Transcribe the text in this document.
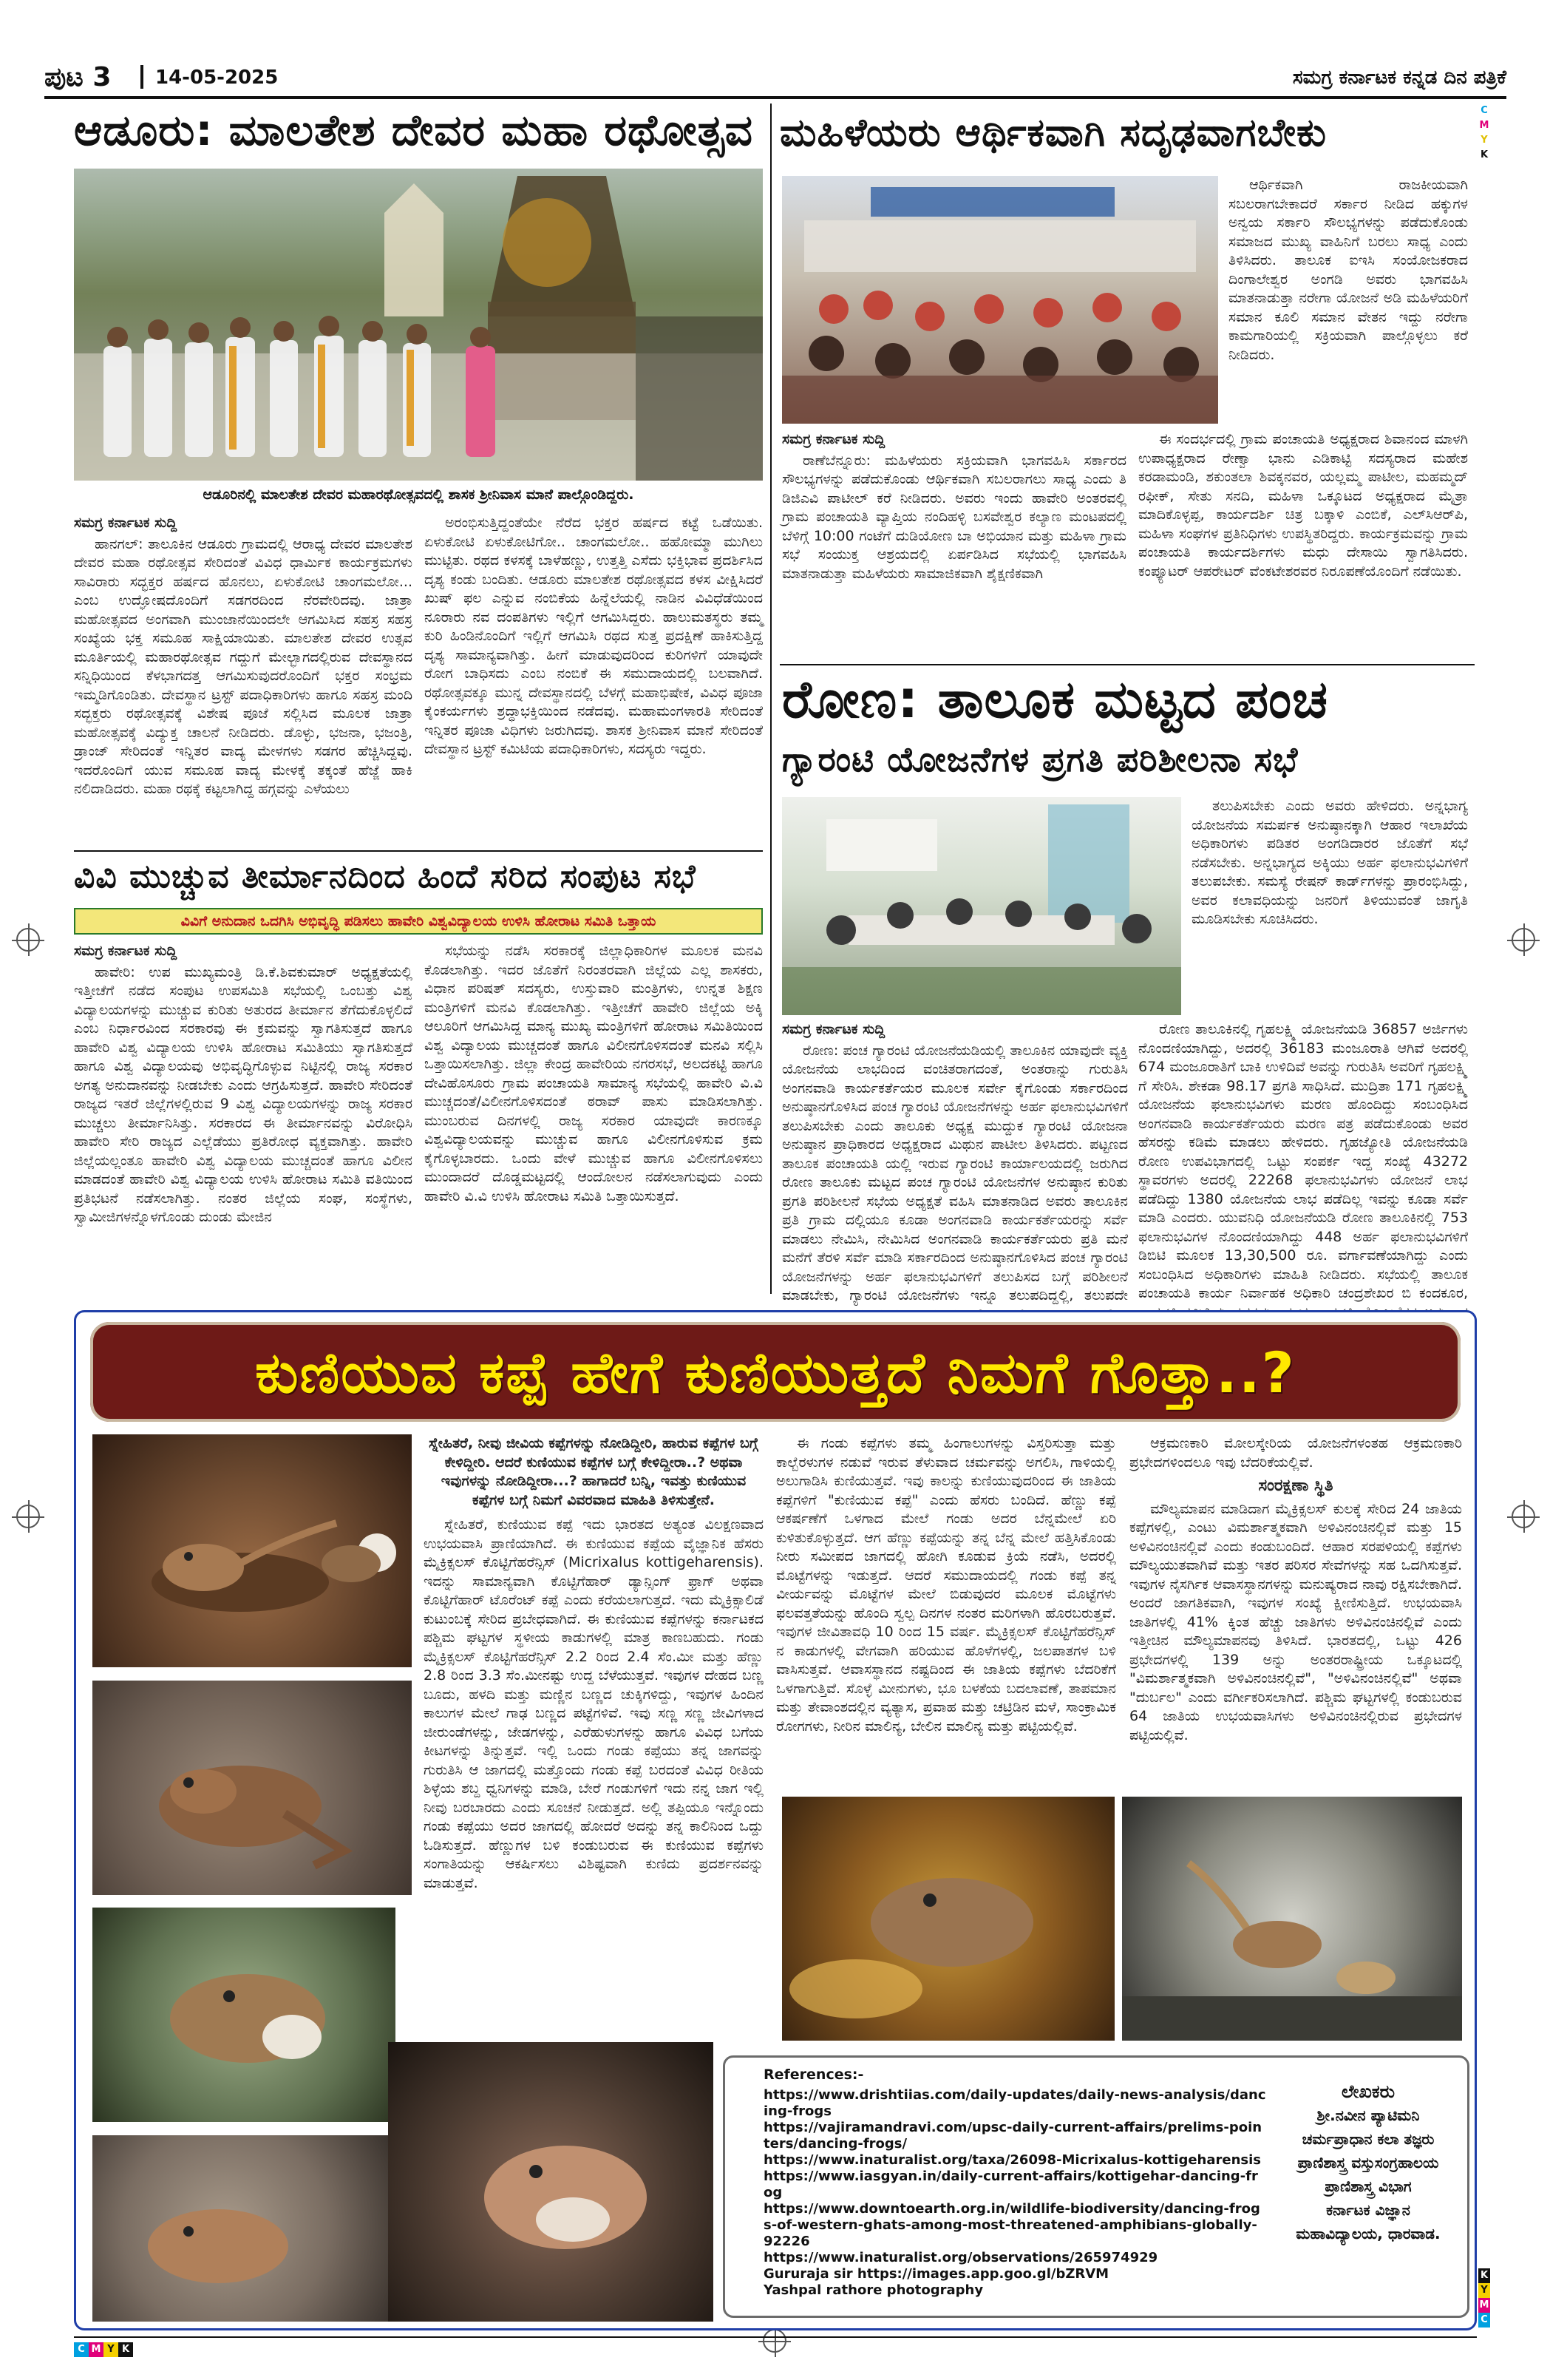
ಪುಟ 3 14-05-2025	ಸಮಗ್ರ ಕರ್ನಾಟಕ ಕನ್ನಡ ದಿನ ಪತ್ರಿಕೆ
C
M
Y
K
K
Y
M
C
C M Y K
ಆಡೂರು: ಮಾಲತೇಶ ದೇವರ ಮಹಾ ರಥೋತ್ಸವ
ಆಡೂರಿನಲ್ಲಿ ಮಾಲತೇಶ ದೇವರ ಮಹಾರಥೋತ್ಸವದಲ್ಲಿ ಶಾಸಕ ಶ್ರೀನಿವಾಸ ಮಾನೆ ಪಾಲ್ಗೊಂಡಿದ್ದರು.
ಸಮಗ್ರ ಕರ್ನಾಟಕ ಸುದ್ದಿ

ಹಾನಗಲ್: ತಾಲೂಕಿನ ಆಡೂರು ಗ್ರಾಮದಲ್ಲಿ ಆರಾಧ್ಯ ದೇವರ ಮಾಲತೇಶ ದೇವರ ಮಹಾ ರಥೋತ್ಸವ ಸೇರಿದಂತೆ ವಿವಿಧ ಧಾರ್ಮಿಕ ಕಾರ್ಯಕ್ರಮಗಳು ಸಾವಿರಾರು ಸದ್ಭಕ್ತರ ಹರ್ಷದ ಹೊನಲು, ಏಳುಕೋಟಿ ಚಾಂಗಮಲೋ... ಎಂಬ ಉದ್ಘೋಷದೊಂದಿಗೆ ಸಡಗರದಿಂದ ನೆರವೇರಿದವು. ಜಾತ್ರಾ ಮಹೋತ್ಸವದ ಅಂಗವಾಗಿ ಮುಂಜಾನೆಯಿಂದಲೇ ಆಗಮಿಸಿದ ಸಹಸ್ರ ಸಹಸ್ರ ಸಂಖ್ಯೆಯ ಭಕ್ತ ಸಮೂಹ ಸಾಕ್ಷಿಯಾಯಿತು. ಮಾಲತೇಶ ದೇವರ ಉತ್ಸವ ಮೂರ್ತಿಯಲ್ಲಿ ಮಹಾರಥೋತ್ಸವ ಗದ್ದುಗೆ ಮೇಲ್ಭಾಗದಲ್ಲಿರುವ ದೇವಸ್ಥಾನದ ಸನ್ನಿಧಿಯಿಂದ ಕೆಳಭಾಗದತ್ತ ಆಗಮಿಸುವುದರೊಂದಿಗೆ ಭಕ್ತರ ಸಂಭ್ರಮ ಇಮ್ಮಡಿಗೊಂಡಿತು. ದೇವಸ್ಥಾನ ಟ್ರಸ್ಟ್ ಪದಾಧಿಕಾರಿಗಳು ಹಾಗೂ ಸಹಸ್ರ ಮಂದಿ ಸದ್ಭಕ್ತರು ರಥೋತ್ಸವಕ್ಕೆ ವಿಶೇಷ ಪೂಜೆ ಸಲ್ಲಿಸಿದ ಮೂಲಕ ಜಾತ್ರಾ ಮಹೋತ್ಸವಕ್ಕೆ ವಿದ್ಯುಕ್ತ ಚಾಲನೆ ನೀಡಿದರು. ಡೊಳ್ಳು, ಭಜನಾ, ಭಜಂತ್ರಿ, ಡ್ರಾಂಜ್ ಸೇರಿದಂತೆ ಇನ್ನಿತರ ವಾದ್ಯ ಮೇಳಗಳು ಸಡಗರ ಹೆಚ್ಚಿಸಿದ್ದವು. ಇದರೊಂದಿಗೆ ಯುವ ಸಮೂಹ ವಾದ್ಯ ಮೇಳಕ್ಕೆ ತಕ್ಕಂತೆ ಹೆಜ್ಜೆ ಹಾಕಿ ನಲಿದಾಡಿದರು. ಮಹಾ ರಥಕ್ಕೆ ಕಟ್ಟಲಾಗಿದ್ದ ಹಗ್ಗವನ್ನು ಎಳೆಯಲು

ಅರಂಭಿಸುತ್ತಿದ್ದಂತೆಯೇ ನೆರೆದ ಭಕ್ತರ ಹರ್ಷದ ಕಟ್ಟೆ ಒಡೆಯಿತು. ಏಳುಕೋಟಿ ಏಳುಕೋಟಿಗೋ.. ಚಾಂಗಮಲೋ.. ಹಹೋಮ್ಮಾ ಮುಗಿಲು ಮುಟ್ಟಿತು. ರಥದ ಕಳಸಕ್ಕೆ ಬಾಳೆಹಣ್ಣು, ಉತ್ತತ್ತಿ ಎಸೆದು ಭಕ್ತಿಭಾವ ಪ್ರದರ್ಶಿಸಿದ ದೃಶ್ಯ ಕಂಡು ಬಂದಿತು. ಆಡೂರು ಮಾಲತೇಶ ರಥೋತ್ಸವದ ಕಳಸ ವೀಕ್ಷಿಸಿದರೆ ಖುಷ್ ಫಲ ಎನ್ನುವ ನಂಬಿಕೆಯ ಹಿನ್ನೆಲೆಯಲ್ಲಿ ನಾಡಿನ ವಿವಿಧೆಡೆಯಿಂದ ನೂರಾರು ನವ ದಂಪತಿಗಳು ಇಲ್ಲಿಗೆ ಆಗಮಿಸಿದ್ದರು. ಹಾಲುಮತಸ್ಥರು ತಮ್ಮ ಕುರಿ ಹಿಂಡಿನೊಂದಿಗೆ ಇಲ್ಲಿಗೆ ಆಗಮಿಸಿ ರಥದ ಸುತ್ತ ಪ್ರದಕ್ಷಿಣೆ ಹಾಕಿಸುತ್ತಿದ್ದ ದೃಶ್ಯ ಸಾಮಾನ್ಯವಾಗಿತ್ತು. ಹೀಗೆ ಮಾಡುವುದರಿಂದ ಕುರಿಗಳಿಗೆ ಯಾವುದೇ ರೋಗ ಬಾಧಿಸದು ಎಂಬ ನಂಬಿಕೆ ಈ ಸಮುದಾಯದಲ್ಲಿ ಬಲವಾಗಿದೆ. ರಥೋತ್ಸವಕ್ಕೂ ಮುನ್ನ ದೇವಸ್ಥಾನದಲ್ಲಿ ಬೆಳಗ್ಗೆ ಮಹಾಭಿಷೇಕ, ವಿವಿಧ ಪೂಜಾ ಕೈಂಕರ್ಯಗಳು ಶ್ರದ್ಧಾಭಕ್ತಿಯಿಂದ ನಡೆದವು. ಮಹಾಮಂಗಳಾರತಿ ಸೇರಿದಂತೆ ಇನ್ನಿತರ ಪೂಜಾ ವಿಧಿಗಳು ಜರುಗಿದವು. ಶಾಸಕ ಶ್ರೀನಿವಾಸ ಮಾನೆ ಸೇರಿದಂತೆ ದೇವಸ್ಥಾನ ಟ್ರಸ್ಟ್ ಕಮಿಟಿಯ ಪದಾಧಿಕಾರಿಗಳು, ಸದಸ್ಯರು ಇದ್ದರು.

ವಿವಿ ಮುಚ್ಚುವ ತೀರ್ಮಾನದಿಂದ ಹಿಂದೆ ಸರಿದ ಸಂಪುಟ ಸಭೆ
ವಿವಿಗೆ ಅನುದಾನ ಒದಗಿಸಿ ಅಭಿವೃದ್ಧಿ ಪಡಿಸಲು ಹಾವೇರಿ ವಿಶ್ವವಿದ್ಯಾಲಯ ಉಳಿಸಿ ಹೋರಾಟ ಸಮಿತಿ ಒತ್ತಾಯ
ಸಮಗ್ರ ಕರ್ನಾಟಕ ಸುದ್ದಿ

ಹಾವೇರಿ: ಉಪ ಮುಖ್ಯಮಂತ್ರಿ ಡಿ.ಕೆ.ಶಿವಕುಮಾರ್ ಅಧ್ಯಕ್ಷತೆಯಲ್ಲಿ ಇತ್ತೀಚೆಗೆ ನಡೆದ ಸಂಪುಟ ಉಪಸಮಿತಿ ಸಭೆಯಲ್ಲಿ ಒಂಬತ್ತು ವಿಶ್ವ ವಿದ್ಯಾಲಯಗಳನ್ನು ಮುಚ್ಚುವ ಕುರಿತು ಅತುರದ ತೀರ್ಮಾನ ತೆಗೆದುಕೊಳ್ಳಲಿದೆ ಎಂಬ ನಿರ್ಧಾರವಿಂದ ಸರಕಾರವು ಈ ಕ್ರಮವನ್ನು ಸ್ವಾಗತಿಸುತ್ತದೆ ಹಾಗೂ ಹಾವೇರಿ ವಿಶ್ವ ವಿದ್ಯಾಲಯ ಉಳಿಸಿ ಹೋರಾಟ ಸಮಿತಿಯು ಸ್ವಾಗತಿಸುತ್ತದೆ ಹಾಗೂ ವಿಶ್ವ ವಿದ್ಯಾಲಯವು ಅಭಿವೃದ್ಧಿಗೊಳ್ಳುವ ನಿಟ್ಟಿನಲ್ಲಿ ರಾಜ್ಯ ಸರಕಾರ ಅಗತ್ಯ ಅನುದಾನವನ್ನು ನೀಡಬೇಕು ಎಂದು ಆಗ್ರಹಿಸುತ್ತದೆ. ಹಾವೇರಿ ಸೇರಿದಂತೆ ರಾಜ್ಯದ ಇತರೆ ಜಿಲ್ಲೆಗಳಲ್ಲಿರುವ 9 ವಿಶ್ವ ವಿದ್ಯಾಲಯಗಳನ್ನು ರಾಜ್ಯ ಸರಕಾರ ಮುಚ್ಚಲು ತೀರ್ಮಾನಿಸಿತ್ತು. ಸರಕಾರದ ಈ ತೀರ್ಮಾನವನ್ನು ವಿರೋಧಿಸಿ ಹಾವೇರಿ ಸೇರಿ ರಾಜ್ಯದ ಎಲ್ಲೆಡೆಯು ಪ್ರತಿರೋಧ ವ್ಯಕ್ತವಾಗಿತ್ತು. ಹಾವೇರಿ ಜಿಲ್ಲೆಯಲ್ಲಂತೂ ಹಾವೇರಿ ವಿಶ್ವ ವಿದ್ಯಾಲಯ ಮುಚ್ಚದಂತೆ ಹಾಗೂ ವಿಲೀನ ಮಾಡದಂತೆ ಹಾವೇರಿ ವಿಶ್ವ ವಿದ್ಯಾಲಯ ಉಳಿಸಿ ಹೋರಾಟ ಸಮಿತಿ ವತಿಯಿಂದ ಪ್ರತಿಭಟನೆ ನಡೆಸಲಾಗಿತ್ತು. ನಂತರ ಜಿಲ್ಲೆಯ ಸಂಘ, ಸಂಸ್ಥೆಗಳು, ಸ್ವಾಮೀಜಿಗಳನ್ನೊಳಗೊಂಡು ದುಂಡು ಮೇಜಿನ

ಸಭೆಯನ್ನು ನಡೆಸಿ ಸರಕಾರಕ್ಕೆ ಜಿಲ್ಲಾಧಿಕಾರಿಗಳ ಮೂಲಕ ಮನವಿ ಕೊಡಲಾಗಿತ್ತು. ಇದರ ಜೊತೆಗೆ ನಿರಂತರವಾಗಿ ಜಿಲ್ಲೆಯ ಎಲ್ಲ ಶಾಸಕರು, ವಿಧಾನ ಪರಿಷತ್ ಸದಸ್ಯರು, ಉಸ್ತುವಾರಿ ಮಂತ್ರಿಗಳು, ಉನ್ನತ ಶಿಕ್ಷಣ ಮಂತ್ರಿಗಳಿಗೆ ಮನವಿ ಕೊಡಲಾಗಿತ್ತು. ಇತ್ತೀಚೆಗೆ ಹಾವೇರಿ ಜಿಲ್ಲೆಯ ಅಕ್ಕಿ ಆಲೂರಿಗೆ ಆಗಮಿಸಿದ್ದ ಮಾನ್ಯ ಮುಖ್ಯ ಮಂತ್ರಿಗಳಿಗೆ ಹೋರಾಟ ಸಮಿತಿಯಿಂದ ವಿಶ್ವ ವಿದ್ಯಾಲಯ ಮುಚ್ಚದಂತೆ ಹಾಗೂ ವಿಲೀನಗೊಳಿಸದಂತೆ ಮನವಿ ಸಲ್ಲಿಸಿ ಒತ್ತಾಯಿಸಲಾಗಿತ್ತು. ಜಿಲ್ಲಾ ಕೇಂದ್ರ ಹಾವೇರಿಯ ನಗರಸಭೆ, ಅಲದಕಟ್ಟಿ ಹಾಗೂ ದೇವಿಹೊಸೂರು ಗ್ರಾಮ ಪಂಚಾಯತಿ ಸಾಮಾನ್ಯ ಸಭೆಯಲ್ಲಿ ಹಾವೇರಿ ವಿ.ವಿ ಮುಚ್ಚದಂತೆ/ವಿಲೀನಗೊಳಿಸದಂತೆ ಠರಾವ್ ಪಾಸು ಮಾಡಿಸಲಾಗಿತ್ತು. ಮುಂಬರುವ ದಿನಗಳಲ್ಲಿ ರಾಜ್ಯ ಸರಕಾರ ಯಾವುದೇ ಕಾರಣಕ್ಕೂ ವಿಶ್ವವಿದ್ಯಾಲಯವನ್ನು ಮುಚ್ಚುವ ಹಾಗೂ ವಿಲೀನಗೊಳಿಸುವ ಕ್ರಮ ಕೈಗೊಳ್ಳಬಾರದು. ಒಂದು ವೇಳೆ ಮುಚ್ಚುವ ಹಾಗೂ ವಿಲೀನಗೊಳಿಸಲು ಮುಂದಾದರೆ ದೊಡ್ಡಮಟ್ಟದಲ್ಲಿ ಆಂದೋಲನ ನಡೆಸಲಾಗುವುದು ಎಂದು ಹಾವೇರಿ ವಿ.ವಿ ಉಳಿಸಿ ಹೋರಾಟ ಸಮಿತಿ ಒತ್ತಾಯಿಸುತ್ತದೆ.

ಮಹಿಳೆಯರು ಆರ್ಥಿಕವಾಗಿ ಸದೃಢವಾಗಬೇಕು

ಆರ್ಥಿಕವಾಗಿ ರಾಜಕೀಯವಾಗಿ ಸಬಲರಾಗಬೇಕಾದರೆ ಸರ್ಕಾರ ನೀಡಿದ ಹಕ್ಕುಗಳ ಅನ್ವಯ ಸರ್ಕಾರಿ ಸೌಲಭ್ಯಗಳನ್ನು ಪಡೆದುಕೊಂಡು ಸಮಾಜದ ಮುಖ್ಯ ವಾಹಿನಿಗೆ ಬರಲು ಸಾಧ್ಯ ಎಂದು ತಿಳಿಸಿದರು. ತಾಲೂಕ ಐಇಸಿ ಸಂಯೋಜಕರಾದ ದಿಂಗಾಲೇಶ್ವರ ಅಂಗಡಿ ಅವರು ಭಾಗವಹಿಸಿ ಮಾತನಾಡುತ್ತಾ ನರೇಗಾ ಯೋಜನೆ ಅಡಿ ಮಹಿಳೆಯರಿಗೆ ಸಮಾನ ಕೂಲಿ ಸಮಾನ ವೇತನ ಇದ್ದು ನರೇಗಾ ಕಾಮಗಾರಿಯಲ್ಲಿ ಸಕ್ರಿಯವಾಗಿ ಪಾಲ್ಗೊಳ್ಳಲು ಕರೆ ನೀಡಿದರು.

ಸಮಗ್ರ ಕರ್ನಾಟಕ ಸುದ್ದಿ

ರಾಣೆಬೆನ್ನೂರು: ಮಹಿಳೆಯರು ಸಕ್ರಿಯವಾಗಿ ಭಾಗವಹಿಸಿ ಸರ್ಕಾರದ ಸೌಲಭ್ಯಗಳನ್ನು ಪಡೆದುಕೊಂಡು ಆರ್ಥಿಕವಾಗಿ ಸಬಲರಾಗಲು ಸಾಧ್ಯ ಎಂದು ತಿ ಡಿಜಿಎವಿ ಪಾಟೀಲ್ ಕರೆ ನೀಡಿದರು. ಅವರು ಇಂದು ಹಾವೇರಿ ಅಂತರವಲ್ಲಿ ಗ್ರಾಮ ಪಂಚಾಯತಿ ವ್ಯಾಪ್ತಿಯ ನಂದಿಹಳ್ಳಿ ಬಸವೇಶ್ವರ ಕಲ್ಯಾಣ ಮಂಟಪದಲ್ಲಿ ಬೆಳಿಗ್ಗೆ 10:00 ಗಂಟೆಗೆ ದುಡಿಯೋಣ ಬಾ ಅಭಿಯಾನ ಮತ್ತು ಮಹಿಳಾ ಗ್ರಾಮ ಸಭೆ ಸಂಯುಕ್ತ ಆಶ್ರಯದಲ್ಲಿ ಏರ್ಪಡಿಸಿದ ಸಭೆಯಲ್ಲಿ ಭಾಗವಹಿಸಿ ಮಾತನಾಡುತ್ತಾ ಮಹಿಳೆಯರು ಸಾಮಾಜಿಕವಾಗಿ ಶೈಕ್ಷಣಿಕವಾಗಿ

ಈ ಸಂದರ್ಭದಲ್ಲಿ ಗ್ರಾಮ ಪಂಚಾಯತಿ ಅಧ್ಯಕ್ಷರಾದ ಶಿವಾನಂದ ಮಾಳಗಿ ಉಪಾಧ್ಯಕ್ಷರಾದ ರೇಣ್ವಾ ಭಾನು ಎಡಿಕಾಟ್ಟಿ ಸದಸ್ಯರಾದ ಮಹೇಶ ಕರಡಾಮಂಡಿ, ಶಕುಂತಲಾ ಶಿವಕ್ಕನವರ, ಯಲ್ಲಮ್ಮ ಪಾಟೀಲ, ಮಹಮ್ಮದ್ ರಫೀಕ್, ಸೇತು ಸನದಿ, ಮಹಿಳಾ ಒಕ್ಕೂಟದ ಅಧ್ಯಕ್ಷರಾದ ಮೈತ್ರಾ ಮಾದಿಕೊಳ್ಳಪ್ಪ, ಕಾರ್ಯದರ್ಶಿ ಚಿತ್ರ ಬಕ್ಕಾಳಿ ಎಂಬಿಕೆ, ಎಲ್‌ಸಿಆರ್‌ಪಿ, ಮಹಿಳಾ ಸಂಘಗಳ ಪ್ರತಿನಿಧಿಗಳು ಉಪಸ್ಥಿತರಿದ್ದರು. ಕಾರ್ಯಕ್ರಮವನ್ನು ಗ್ರಾಮ ಪಂಚಾಯತಿ ಕಾರ್ಯದರ್ಶಿಗಳು ಮಧು ದೇಸಾಯಿ ಸ್ವಾಗತಿಸಿದರು. ಕಂಪ್ಯೂಟರ್ ಆಪರೇಟರ್ ವೆಂಕಟೇಶರವರ ನಿರೂಪಣೆಯೊಂದಿಗೆ ನಡೆಯಿತು.

ರೋಣ: ತಾಲೂಕ ಮಟ್ಟದ ಪಂಚ
ಗ್ಯಾರಂಟಿ ಯೋಜನೆಗಳ ಪ್ರಗತಿ ಪರಿಶೀಲನಾ ಸಭೆ

ತಲುಪಿಸಬೇಕು ಎಂದು ಅವರು ಹೇಳಿದರು. ಅನ್ನಭಾಗ್ಯ ಯೋಜನೆಯ ಸಮರ್ಪಕ ಅನುಷ್ಠಾನಕ್ಕಾಗಿ ಆಹಾರ ಇಲಾಖೆಯ ಅಧಿಕಾರಿಗಳು ಪಡಿತರ ಅಂಗಡಿದಾರರ ಜೊತೆಗೆ ಸಭೆ ನಡೆಸಬೇಕು. ಅನ್ನಭಾಗ್ಯದ ಅಕ್ಕಿಯು ಅರ್ಹ ಫಲಾನುಭವಿಗಳಿಗೆ ತಲುಪಬೇಕು. ಸಮಸ್ಯೆ ರೇಷನ್ ಕಾರ್ಡ್‌ಗಳನ್ನು ಪ್ರಾರಂಭಿಸಿದ್ದು, ಅವರ ಕಲಾವಧಿಯನ್ನು ಜನರಿಗೆ ತಿಳಿಯುವಂತೆ ಜಾಗೃತಿ ಮೂಡಿಸಬೇಕು ಸೂಚಿಸಿದರು.

ಸಮಗ್ರ ಕರ್ನಾಟಕ ಸುದ್ದಿ

ರೋಣ: ಪಂಚ ಗ್ಯಾರಂಟಿ ಯೋಜನೆಯಡಿಯಲ್ಲಿ ತಾಲೂಕಿನ ಯಾವುದೇ ವ್ಯಕ್ತಿ ಯೋಜನೆಯ ಲಾಭದಿಂದ ವಂಚಿತರಾಗದಂತೆ, ಅಂತರಾನ್ನು ಗುರುತಿಸಿ ಅಂಗನವಾಡಿ ಕಾರ್ಯಕರ್ತೆಯರ ಮೂಲಕ ಸರ್ವೇ ಕೈಗೊಂಡು ಸರ್ಕಾರದಿಂದ ಅನುಷ್ಠಾನಗೊಳಿಸಿದ ಪಂಚ ಗ್ಯಾರಂಟಿ ಯೋಜನೆಗಳನ್ನು ಅರ್ಹ ಫಲಾನುಭವಿಗಳಿಗೆ ತಲುಪಿಸಬೇಕು ಎಂದು ತಾಲೂಕು ಅಧ್ಯಕ್ಷ ಮುದ್ದುಕ ಗ್ಯಾರಂಟಿ ಯೋಜನಾ ಅನುಷ್ಠಾನ ಪ್ರಾಧಿಕಾರದ ಅಧ್ಯಕ್ಷರಾದ ಮಿಥುನ ಪಾಟೀಲ ತಿಳಿಸಿದರು. ಪಟ್ಟಣದ ತಾಲೂಕ ಪಂಚಾಯತಿ ಯಲ್ಲಿ ಇರುವ ಗ್ಯಾರಂಟಿ ಕಾರ್ಯಾಲಯದಲ್ಲಿ ಜರುಗಿದ ರೋಣ ತಾಲೂಕು ಮಟ್ಟದ ಪಂಚ ಗ್ಯಾರಂಟಿ ಯೋಜನೆಗಳ ಅನುಷ್ಠಾನ ಕುರಿತು ಪ್ರಗತಿ ಪರಿಶೀಲನೆ ಸಭೆಯ ಅಧ್ಯಕ್ಷತೆ ವಹಿಸಿ ಮಾತನಾಡಿದ ಅವರು ತಾಲೂಕಿನ ಪ್ರತಿ ಗ್ರಾಮ ದಲ್ಲಿಯೂ ಕೂಡಾ ಅಂಗನವಾಡಿ ಕಾರ್ಯಕರ್ತೆಯರನ್ನು ಸರ್ವೆ ಮಾಡಲು ನೇಮಿಸಿ, ನೇಮಿಸಿದ ಅಂಗನವಾಡಿ ಕಾರ್ಯಕರ್ತೆಯರು ಪ್ರತಿ ಮನೆ ಮನೆಗೆ ತೆರಳಿ ಸರ್ವೆ ಮಾಡಿ ಸರ್ಕಾರದಿಂದ ಅನುಷ್ಠಾನಗೊಳಿಸಿದ ಪಂಚ ಗ್ಯಾರಂಟಿ ಯೋಜನೆಗಳನ್ನು ಅರ್ಹ ಫಲಾನುಭವಿಗಳಿಗೆ ತಲುಪಿಸದ ಬಗ್ಗೆ ಪರಿಶೀಲನೆ ಮಾಡಬೇಕು, ಗ್ಯಾರಂಟಿ ಯೋಜನೆಗಳು ಇನ್ನೂ ತಲುಪದಿದ್ದಲ್ಲಿ, ತಲುಪದೇ

ರೋಣ ತಾಲೂಕಿನಲ್ಲಿ ಗೃಹಲಕ್ಷ್ಮಿ ಯೋಜನೆಯಡಿ 36857 ಅರ್ಜಿಗಳು ನೊಂದಣಿಯಾಗಿದ್ದು, ಅದರಲ್ಲಿ 36183 ಮಂಜೂರಾತಿ ಆಗಿವೆ ಅದರಲ್ಲಿ 674 ಮಂಜೂರಾತಿಗೆ ಬಾಕಿ ಉಳಿದಿವೆ ಅವನ್ನು ಗುರುತಿಸಿ ಅವರಿಗೆ ಗೃಹಲಕ್ಷ್ಮಿ ಗೆ ಸೇರಿಸಿ. ಶೇಕಡಾ 98.17 ಪ್ರಗತಿ ಸಾಧಿಸಿದೆ. ಮುದ್ರಿತಾ 171 ಗೃಹಲಕ್ಷ್ಮಿ ಯೋಜನೆಯ ಫಲಾನುಭವಿಗಳು ಮರಣ ಹೊಂದಿದ್ದು ಸಂಬಂಧಿಸಿದ ಅಂಗನವಾಡಿ ಕಾರ್ಯಕರ್ತೆಯರು ಮರಣ ಪತ್ರ ಪಡೆದುಕೊಂಡು ಅವರ ಹೆಸರನ್ನು ಕಡಿಮೆ ಮಾಡಲು ಹೇಳಿದರು. ಗೃಹಜ್ಯೋತಿ ಯೋಜನೆಯಡಿ ರೋಣ ಉಪವಿಭಾಗದಲ್ಲಿ ಒಟ್ಟು ಸಂಪರ್ಕ ಇದ್ದ ಸಂಖ್ಯೆ 43272 ಸ್ಥಾವರಗಳು ಅದರಲ್ಲಿ 22268 ಫಲಾನುಭವಿಗಳು ಯೋಜನೆ ಲಾಭ ಪಡೆದಿದ್ದು 1380 ಯೋಜನೆಯ ಲಾಭ ಪಡೆದಿಲ್ಲ ಇವನ್ನು ಕೂಡಾ ಸರ್ವೆ ಮಾಡಿ ಎಂದರು. ಯುವನಿಧಿ ಯೋಜನೆಯಡಿ ರೋಣ ತಾಲೂಕಿನಲ್ಲಿ 753 ಫಲಾನುಭವಿಗಳ ನೊಂದಣಿಯಾಗಿದ್ದು 448 ಅರ್ಹ ಫಲಾನುಭವಿಗಳಿಗೆ ಡಿಬಿಟಿ ಮೂಲಕ 13,30,500 ರೂ. ವರ್ಗಾವಣೆಯಾಗಿದ್ದು ಎಂದು ಸಂಬಂಧಿಸಿದ ಅಧಿಕಾರಿಗಳು ಮಾಹಿತಿ ನೀಡಿದರು. ಸಭೆಯಲ್ಲಿ ತಾಲೂಕ ಪಂಚಾಯತಿ ಕಾರ್ಯ ನಿರ್ವಾಹಕ ಅಧಿಕಾರಿ ಚಂದ್ರಶೇಖರ ಬಿ ಕಂದಕೂರ,

ಕುಣಿಯುವ ಕಪ್ಪೆ ಹೇಗೆ ಕುಣಿಯುತ್ತದೆ ನಿಮಗೆ ಗೊತ್ತಾ..?

ಸ್ನೇಹಿತರೆ, ನೀವು ಜೀವಿಯ ಕಪ್ಪೆಗಳನ್ನು ನೋಡಿದ್ದೀರಿ, ಹಾರುವ ಕಪ್ಪೆಗಳ ಬಗ್ಗೆ ಕೇಳಿದ್ದೀರಿ. ಆದರೆ ಕುಣಿಯುವ ಕಪ್ಪೆಗಳ ಬಗ್ಗೆ ಕೇಳಿದ್ದೀರಾ..? ಅಥವಾ ಇವುಗಳನ್ನು ನೋಡಿದ್ದೀರಾ...? ಹಾಗಾದರೆ ಬನ್ನಿ, ಇವತ್ತು ಕುಣಿಯುವ ಕಪ್ಪೆಗಳ ಬಗ್ಗೆ ನಿಮಗೆ ವಿವರವಾದ ಮಾಹಿತಿ ತಿಳಿಸುತ್ತೇನೆ.

ಸ್ನೇಹಿತರೆ, ಕುಣಿಯುವ ಕಪ್ಪೆ ಇದು ಭಾರತದ ಅತ್ಯಂತ ವಿಲಕ್ಷಣವಾದ ಉಭಯವಾಸಿ ಪ್ರಾಣಿಯಾಗಿದೆ. ಈ ಕುಣಿಯುವ ಕಪ್ಪೆಯ ವೈಜ್ಞಾನಿಕ ಹೆಸರು ಮೈಕ್ರಿಕ್ಸಲಸ್ ಕೊಟ್ಟಿಗೆಹರೆನ್ಸಿಸ್ (Micrixalus kottigeharensis). ಇದನ್ನು ಸಾಮಾನ್ಯವಾಗಿ ಕೊಟ್ಟಿಗೆಹಾರ್ ಡ್ಯಾನ್ಸಿಂಗ್ ಫ್ರಾಗ್ ಅಥವಾ ಕೊಟ್ಟಿಗೆಹಾರ್ ಟೊರೆಂಟ್ ಕಪ್ಪೆ ಎಂದು ಕರೆಯಲಾಗುತ್ತದೆ. ಇದು ಮೈಕ್ರಿಕ್ಸಾಲಿಡೆ ಕುಟುಂಬಕ್ಕೆ ಸೇರಿದ ಪ್ರಬೇಧವಾಗಿದೆ. ಈ ಕುಣಿಯುವ ಕಪ್ಪೆಗಳನ್ನು ಕರ್ನಾಟಕದ ಪಶ್ಚಿಮ ಘಟ್ಟಗಳ ಸ್ಥಳೀಯ ಕಾಡುಗಳಲ್ಲಿ ಮಾತ್ರ ಕಾಣಬಹುದು. ಗಂಡು ಮೈಕ್ರಿಕ್ಸಲಸ್ ಕೊಟ್ಟಿಗೆಹರೆನ್ಸಿಸ್ 2.2 ರಿಂದ 2.4 ಸೆಂ.ಮೀ ಮತ್ತು ಹೆಣ್ಣು 2.8 ರಿಂದ 3.3 ಸೆಂ.ಮೀನಷ್ಟು ಉದ್ದ ಬೆಳೆಯುತ್ತವೆ. ಇವುಗಳ ದೇಹದ ಬಣ್ಣ ಬೂದು, ಹಳದಿ ಮತ್ತು ಮಣ್ಣಿನ ಬಣ್ಣದ ಚುಕ್ಕಿಗಳಿದ್ದು, ಇವುಗಳ ಹಿಂದಿನ ಕಾಲುಗಳ ಮೇಲೆ ಗಾಢ ಬಣ್ಣದ ಪಟ್ಟೆಗಳಿವೆ. ಇವು ಸಣ್ಣ ಸಣ್ಣ ಜೀವಿಗಳಾದ ಜೀರುಂಡೆಗಳನ್ನು, ಜೇಡಗಳನ್ನು, ಎರೆಹುಳುಗಳನ್ನು ಹಾಗೂ ವಿವಿಧ ಬಗೆಯ ಕೀಟಗಳನ್ನು ತಿನ್ನುತ್ತವೆ. ಇಲ್ಲಿ ಒಂದು ಗಂಡು ಕಪ್ಪೆಯು ತನ್ನ ಜಾಗವನ್ನು ಗುರುತಿಸಿ ಆ ಜಾಗದಲ್ಲಿ ಮತ್ತೊಂದು ಗಂಡು ಕಪ್ಪೆ ಬರದಂತೆ ವಿವಿಧ ರೀತಿಯ ಶಿಳ್ಳೆಯ ಶಬ್ದ ಧ್ವನಿಗಳನ್ನು ಮಾಡಿ, ಬೇರೆ ಗಂಡುಗಳಿಗೆ ಇದು ನನ್ನ ಜಾಗ ಇಲ್ಲಿ ನೀವು ಬರಬಾರದು ಎಂದು ಸೂಚನೆ ನೀಡುತ್ತದೆ. ಅಲ್ಲಿ ತಪ್ಪಿಯೂ ಇನ್ನೊಂದು ಗಂಡು ಕಪ್ಪೆಯು ಅದರ ಜಾಗದಲ್ಲಿ ಹೋದರೆ ಅದನ್ನು ತನ್ನ ಕಾಲಿನಿಂದ ಒದ್ದು ಓಡಿಸುತ್ತದೆ. ಹೆಣ್ಣುಗಳ ಬಳಿ ಕಂಡುಬರುವ ಈ ಕುಣಿಯುವ ಕಪ್ಪೆಗಳು ಸಂಗಾತಿಯನ್ನು ಆಕರ್ಷಿಸಲು ವಿಶಿಷ್ಟವಾಗಿ ಕುಣಿದು ಪ್ರದರ್ಶನವನ್ನು ಮಾಡುತ್ತವೆ.

ಈ ಗಂಡು ಕಪ್ಪೆಗಳು ತಮ್ಮ ಹಿಂಗಾಲುಗಳನ್ನು ವಿಸ್ತರಿಸುತ್ತಾ ಮತ್ತು ಕಾಲ್ಬೆರಳುಗಳ ನಡುವೆ ಇರುವ ತೆಳುವಾದ ಚರ್ಮವನ್ನು ಅಗಲಿಸಿ, ಗಾಳಿಯಲ್ಲಿ ಅಲುಗಾಡಿಸಿ ಕುಣಿಯುತ್ತವೆ. ಇವು ಕಾಲನ್ನು ಕುಣಿಯುವುದರಿಂದ ಈ ಜಾತಿಯ ಕಪ್ಪೆಗಳಿಗೆ "ಕುಣಿಯುವ ಕಪ್ಪೆ" ಎಂದು ಹೆಸರು ಬಂದಿದೆ. ಹೆಣ್ಣು ಕಪ್ಪೆ ಆಕರ್ಷಣೆಗೆ ಒಳಗಾದ ಮೇಲೆ ಗಂಡು ಅದರ ಬೆನ್ನಮೇಲೆ ಏರಿ ಕುಳಿತುಕೊಳ್ಳುತ್ತದೆ. ಆಗ ಹೆಣ್ಣು ಕಪ್ಪೆಯನ್ನು ತನ್ನ ಬೆನ್ನ ಮೇಲೆ ಹತ್ತಿಸಿಕೊಂಡು ನೀರು ಸಮೀಪದ ಜಾಗದಲ್ಲಿ ಹೋಗಿ ಕೂಡುವ ಕ್ರಿಯೆ ನಡೆಸಿ, ಅದರಲ್ಲಿ ಮೊಟ್ಟೆಗಳನ್ನು ಇಡುತ್ತದೆ. ಆದರೆ ಸಮುದಾಯದಲ್ಲಿ ಗಂಡು ಕಪ್ಪೆ ತನ್ನ ವೀರ್ಯವನ್ನು ಮೊಟ್ಟೆಗಳ ಮೇಲೆ ಬಿಡುವುದರ ಮೂಲಕ ಮೊಟ್ಟೆಗಳು ಫಲವತ್ತತೆಯನ್ನು ಹೊಂದಿ ಸ್ವಲ್ಪ ದಿನಗಳ ನಂತರ ಮರಿಗಳಾಗಿ ಹೊರಬರುತ್ತವೆ. ಇವುಗಳ ಜೀವಿತಾವಧಿ 10 ರಿಂದ 15 ವರ್ಷ. ಮೈಕ್ರಿಕ್ಸಲಸ್ ಕೊಟ್ಟಿಗೆಹರೆನ್ಸಿಸ್ ನ ಕಾಡುಗಳಲ್ಲಿ ವೇಗವಾಗಿ ಹರಿಯುವ ಹೊಳೆಗಳಲ್ಲಿ, ಜಲಪಾತಗಳ ಬಳಿ ವಾಸಿಸುತ್ತವೆ. ಆವಾಸಸ್ಥಾನದ ನಷ್ಟದಿಂದ ಈ ಜಾತಿಯ ಕಪ್ಪೆಗಳು ಬೆದರಿಕೆಗೆ ಒಳಗಾಗುತ್ತಿವೆ. ಸೊಳ್ಳೆ ಮೀನುಗಳು, ಭೂ ಬಳಕೆಯ ಬದಲಾವಣೆ, ತಾಪಮಾನ ಮತ್ತು ತೇವಾಂಶದಲ್ಲಿನ ವ್ಯತ್ಯಾಸ, ಪ್ರವಾಹ ಮತ್ತು ಚಟ್ರಿಡಿನ ಮಳೆ, ಸಾಂಕ್ರಾಮಿಕ ರೋಗಗಳು, ನೀರಿನ ಮಾಲಿನ್ಯ, ಬೇಲಿನ ಮಾಲಿನ್ಯ ಮತ್ತು ಪಟ್ಟಿಯಲ್ಲಿವೆ.

ಆಕ್ರಮಣಕಾರಿ ಮೋಲಸ್ಕೇರಿಯ ಯೋಜನೆಗಳಂತಹ ಆಕ್ರಮಣಕಾರಿ ಪ್ರಭೇದಗಳಿಂದಲೂ ಇವು ಬೆದರಿಕೆಯಲ್ಲಿವೆ.

ಸಂರಕ್ಷಣಾ ಸ್ಥಿತಿ

ಮೌಲ್ಯಮಾಪನ ಮಾಡಿದಾಗ ಮೈಕ್ರಿಕ್ಸಲಸ್ ಕುಲಕ್ಕೆ ಸೇರಿದ 24 ಜಾತಿಯ ಕಪ್ಪೆಗಳಲ್ಲಿ, ಎಂಟು ವಿಮರ್ಶಾತ್ಮಕವಾಗಿ ಅಳಿವಿನಂಚಿನಲ್ಲಿವೆ ಮತ್ತು 15 ಅಳಿವಿನಂಚಿನಲ್ಲಿವೆ ಎಂದು ಕಂಡುಬಂದಿದೆ. ಆಹಾರ ಸರಪಳಿಯಲ್ಲಿ ಕಪ್ಪೆಗಳು ಮೌಲ್ಯಯುತವಾಗಿವೆ ಮತ್ತು ಇತರ ಪರಿಸರ ಸೇವೆಗಳನ್ನು ಸಹ ಒದಗಿಸುತ್ತವೆ. ಇವುಗಳ ನೈಸರ್ಗಿಕ ಆವಾಸಸ್ಥಾನಗಳನ್ನು ಮನುಷ್ಯರಾದ ನಾವು ರಕ್ಷಿಸಬೇಕಾಗಿದೆ. ಅಂದರೆ ಜಾಗತಿಕವಾಗಿ, ಇವುಗಳ ಸಂಖ್ಯೆ ಕ್ಷೀಣಿಸುತ್ತಿದೆ. ಉಭಯವಾಸಿ ಜಾತಿಗಳಲ್ಲಿ 41% ಕ್ಕಿಂತ ಹೆಚ್ಚು ಜಾತಿಗಳು ಅಳಿವಿನಂಚಿನಲ್ಲಿವೆ ಎಂದು ಇತ್ತೀಚಿನ ಮೌಲ್ಯಮಾಪನವು ತಿಳಿಸಿದೆ. ಭಾರತದಲ್ಲಿ, ಒಟ್ಟು 426 ಪ್ರಭೇದಗಳಲ್ಲಿ 139 ಅನ್ನು ಅಂತರರಾಷ್ಟ್ರೀಯ ಒಕ್ಕೂಟದಲ್ಲಿ "ವಿಮರ್ಶಾತ್ಮಕವಾಗಿ ಅಳಿವಿನಂಚಿನಲ್ಲಿವೆ", "ಅಳಿವಿನಂಚಿನಲ್ಲಿವೆ" ಅಥವಾ "ದುರ್ಬಲ" ಎಂದು ವರ್ಗೀಕರಿಸಲಾಗಿದೆ. ಪಶ್ಚಿಮ ಘಟ್ಟಗಳಲ್ಲಿ ಕಂಡುಬರುವ 64 ಜಾತಿಯ ಉಭಯವಾಸಿಗಳು ಅಳಿವಿನಂಚಿನಲ್ಲಿರುವ ಪ್ರಭೇದಗಳ ಪಟ್ಟಿಯಲ್ಲಿವೆ.

References:-
https://www.drishtiias.com/daily-updates/daily-news-analysis/dancing-frogs
https://vajiramandravi.com/upsc-daily-current-affairs/prelims-pointers/dancing-frogs/
https://www.inaturalist.org/taxa/26098-Micrixalus-kottigeharensis
https://www.iasgyan.in/daily-current-affairs/kottigehar-dancing-frog
https://www.downtoearth.org.in/wildlife-biodiversity/dancing-frogs-of-western-ghats-among-most-threatened-amphibians-globally-92226
https://www.inaturalist.org/observations/265974929
Gururaja sir https://images.app.goo.gl/bZRVM
Yashpal rathore photography
ಲೇಖಕರು
ಶ್ರೀ.ನವೀನ ಪ್ಯಾಟಿಮನಿ
ಚರ್ಮಪ್ರಾಧಾನ ಕಲಾ ತಜ್ಞರು
ಪ್ರಾಣಿಶಾಸ್ತ್ರ ವಸ್ತುಸಂಗ್ರಹಾಲಯ
ಪ್ರಾಣಿಶಾಸ್ತ್ರ ವಿಭಾಗ
ಕರ್ನಾಟಕ ವಿಜ್ಞಾನ
ಮಹಾವಿದ್ಯಾಲಯ, ಧಾರವಾಡ.
